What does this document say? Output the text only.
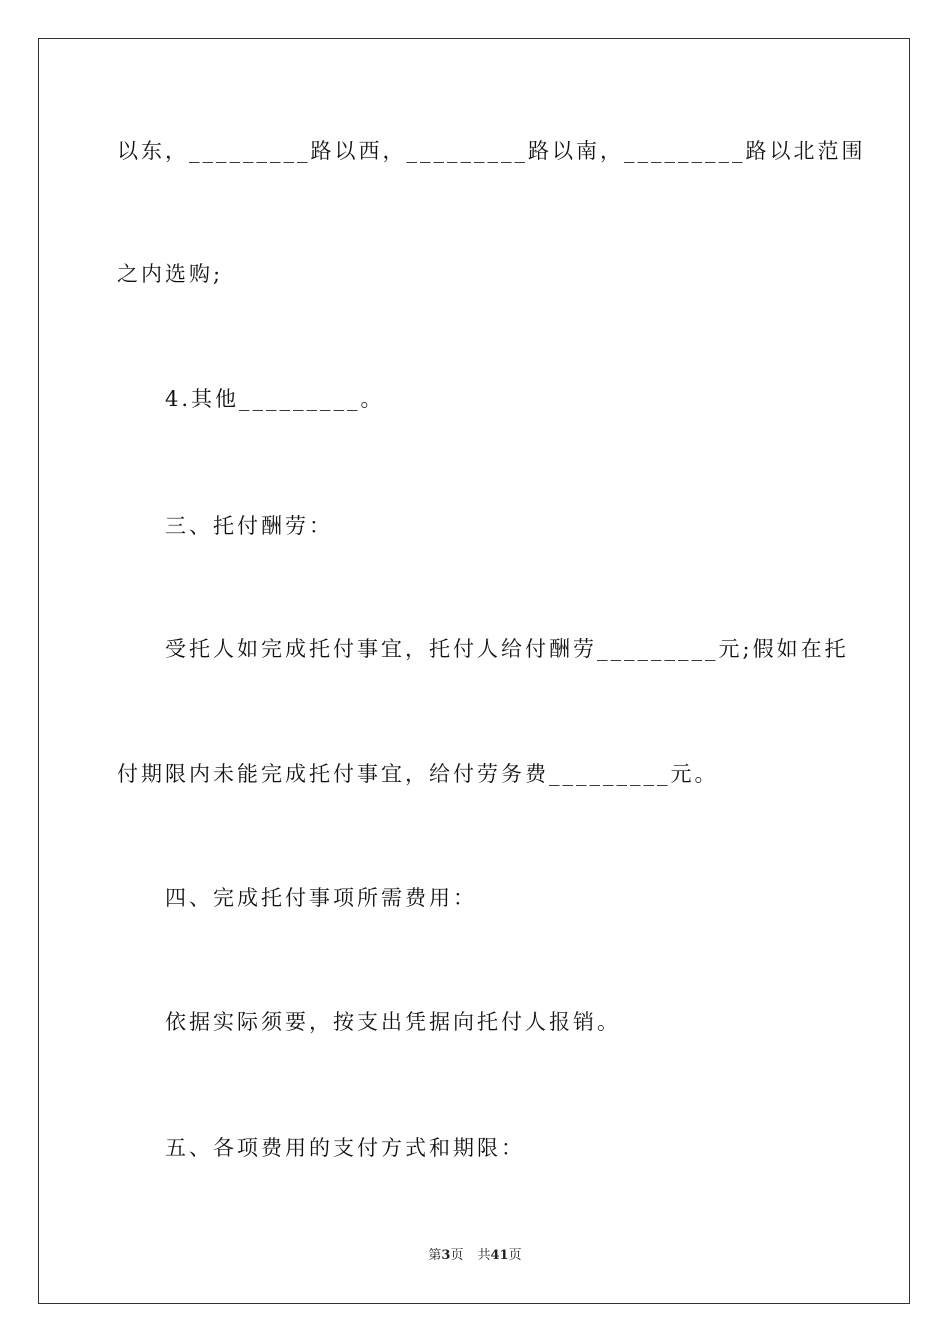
以东，_________路以西，_________路以南，_________路以北范围

之内选购;

4.其他_________。

三、托付酬劳：

受托人如完成托付事宜，托付人给付酬劳_________元;假如在托

付期限内未能完成托付事宜，给付劳务费_________元。

四、完成托付事项所需费用：

依据实际须要，按支出凭据向托付人报销。

五、各项费用的支付方式和期限：

第3页 共41页
